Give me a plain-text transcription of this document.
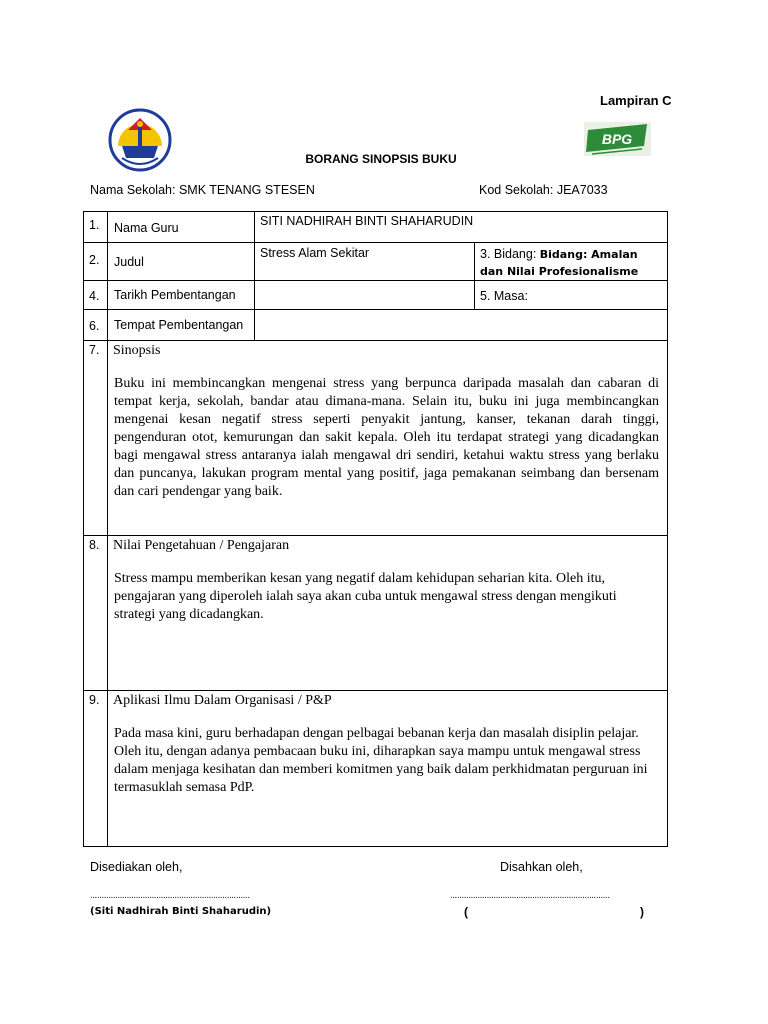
Lampiran C
BPG
BORANG SINOPSIS BUKU
Nama Sekolah: SMK TENANG STESEN	Kod Sekolah: JEA7033
1.	Nama Guru	SITI NADHIRAH BINTI SHAHARUDIN	
2.	Judul	Stress Alam Sekitar	3. Bidang: Bidang: Amalan dan Nilai Profesionalisme
4.	Tarikh Pembentangan		5. Masa:
6.	Tempat Pembentangan		
7.	Sinopsis
Buku ini membincangkan mengenai stress yang berpunca daripada masalah dan cabaran di tempat kerja, sekolah, bandar atau dimana-mana. Selain itu, buku ini juga membincangkan mengenai kesan negatif stress seperti penyakit jantung, kanser, tekanan darah tinggi, pengenduran otot, kemurungan dan sakit kepala. Oleh itu terdapat strategi yang dicadangkan bagi mengawal stress antaranya ialah mengawal dri sendiri, ketahui waktu stress yang berlaku dan puncanya, lakukan program mental yang positif, jaga pemakanan seimbang dan bersenam dan cari pendengar yang baik.		

8.	Nilai Pengetahuan / Pengajaran
Stress mampu memberikan kesan yang negatif dalam kehidupan seharian kita. Oleh itu, pengajaran yang diperoleh ialah saya akan cuba untuk mengawal stress dengan mengikuti strategi yang dicadangkan.		

9.	Aplikasi Ilmu Dalam Organisasi / P&P
Pada masa kini, guru berhadapan dengan pelbagai bebanan kerja dan masalah disiplin pelajar. Oleh itu, dengan adanya pembacaan buku ini, diharapkan saya mampu untuk mengawal stress dalam menjaga kesihatan dan memberi komitmen yang baik dalam perkhidmatan perguruan ini termasuklah semasa PdP.		
Disediakan oleh,	Disahkan oleh,
......................................................................	......................................................................
(Siti Nadhirah Binti Shaharudin)	(	)
